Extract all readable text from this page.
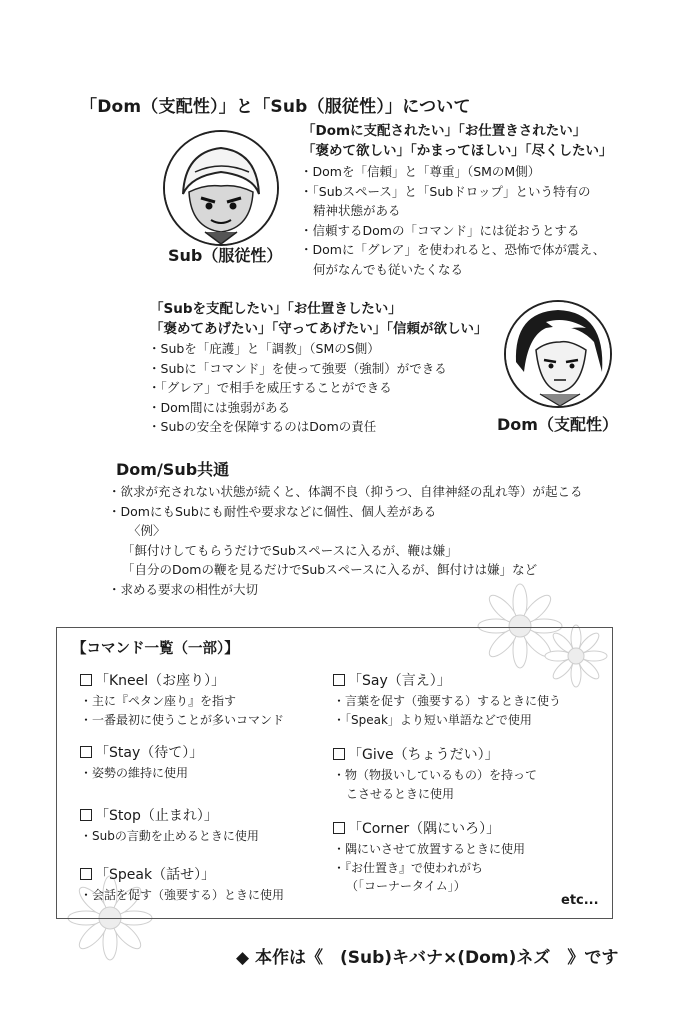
「Dom（支配性）」と「Sub（服従性）」について
Sub（服従性）
「Domに支配されたい」「お仕置きされたい」
「褒めて欲しい」「かまってほしい」「尽くしたい」
・ Domを「信頼」と「尊重」（SMのM側）
・ 「Subスペース」と「Subドロップ」という特有の
精神状態がある
・ 信頼するDomの「コマンド」には従おうとする
・ Domに「グレア」を使われると、恐怖で体が震え、
何がなんでも従いたくなる
「Subを支配したい」「お仕置きしたい」
「褒めてあげたい」「守ってあげたい」「信頼が欲しい」
・ Subを「庇護」と「調教」（SMのS側）
・ Subに「コマンド」を使って強要（強制）ができる
・ 「グレア」で相手を威圧することができる
・ Dom間には強弱がある
・ Subの安全を保障するのはDomの責任	Dom（支配性）
Dom/Sub共通
・ 欲求が充されない状態が続くと、体調不良（抑うつ、自律神経の乱れ等）が起こる
・ DomにもSubにも耐性や要求などに個性、個人差がある
〈例〉
「餌付けしてもらうだけでSubスペースに入るが、鞭は嫌」
「自分のDomの鞭を見るだけでSubスペースに入るが、餌付けは嫌」など
・ 求める要求の相性が大切
【コマンド一覧（一部）】
「Kneel（お座り）」
・ 主に『ペタン座り』を指す
・ 一番最初に使うことが多いコマンド
「Stay（待て）」
・ 姿勢の維持に使用
「Stop（止まれ）」
・ Subの言動を止めるときに使用
「Speak（話せ）」
・ 会話を促す（強要する）ときに使用
「Say（言え）」
・ 言葉を促す（強要する）するときに使う
・ 「Speak」より短い単語などで使用
「Give（ちょうだい）」
・ 物（物扱いしているもの）を持って
こさせるときに使用
「Corner（隅にいろ）」
・ 隅にいさせて放置するときに使用
・ 『お仕置き』で使われがち
（「コーナータイム」）
etc...
◆ 本作は《　(Sub)キバナ×(Dom)ネズ　》です
